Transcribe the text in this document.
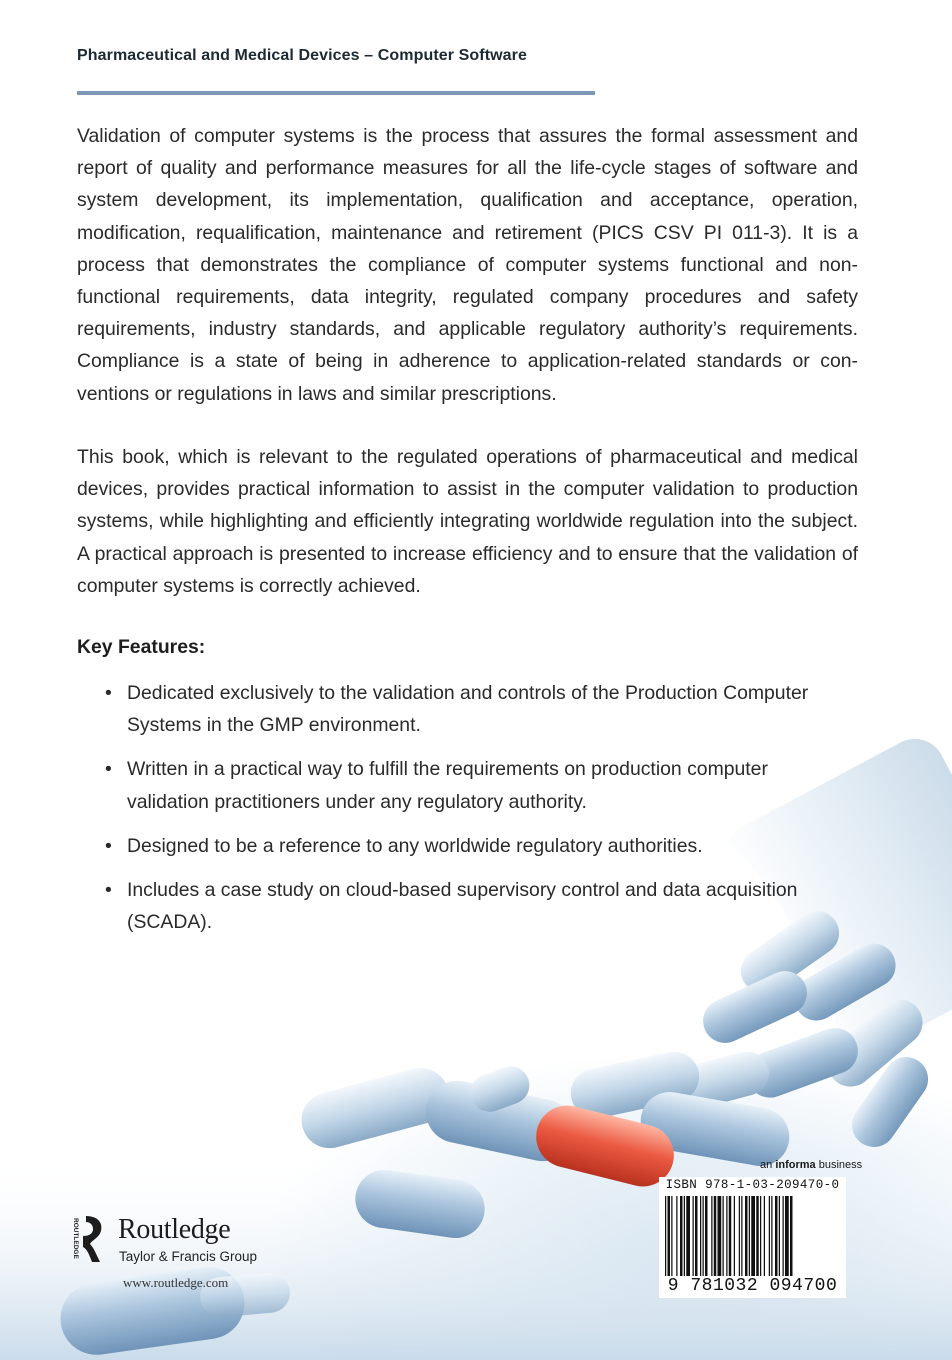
Pharmaceutical and Medical Devices – Computer Software

Validation of computer systems is the process that assures the formal assessment and report of quality and performance measures for all the life-cycle stages of software and system development, its implementation, qualification and acceptance, operation, modification, requalification, maintenance and retirement (PICS CSV PI 011-3). It is a process that demonstrates the compliance of computer systems functional and non-functional requirements, data integrity, regulated company procedures and safety requirements, industry standards, and applicable regulatory authority’s requirements. Compliance is a state of being in adherence to application-related standards or conventions or regulations in laws and similar prescriptions.

This book, which is relevant to the regulated operations of pharmaceutical and medical devices, provides practical information to assist in the computer validation to production systems, while highlighting and efficiently integrating worldwide regulation into the subject. A practical approach is presented to increase efficiency and to ensure that the validation of computer systems is correctly achieved.

Key Features:
• Dedicated exclusively to the validation and controls of the Production Computer Systems in the GMP environment.
• Written in a practical way to fulfill the requirements on production computer validation practitioners under any regulatory authority.
• Designed to be a reference to any worldwide regulatory authorities.
• Includes a case study on cloud-based supervisory control and data acquisition (SCADA).
ROUTLEDGE Routledge
Taylor & Francis Group
www.routledge.com
an informa business
ISBN 978-1-03-209470-0
9 781032 094700
